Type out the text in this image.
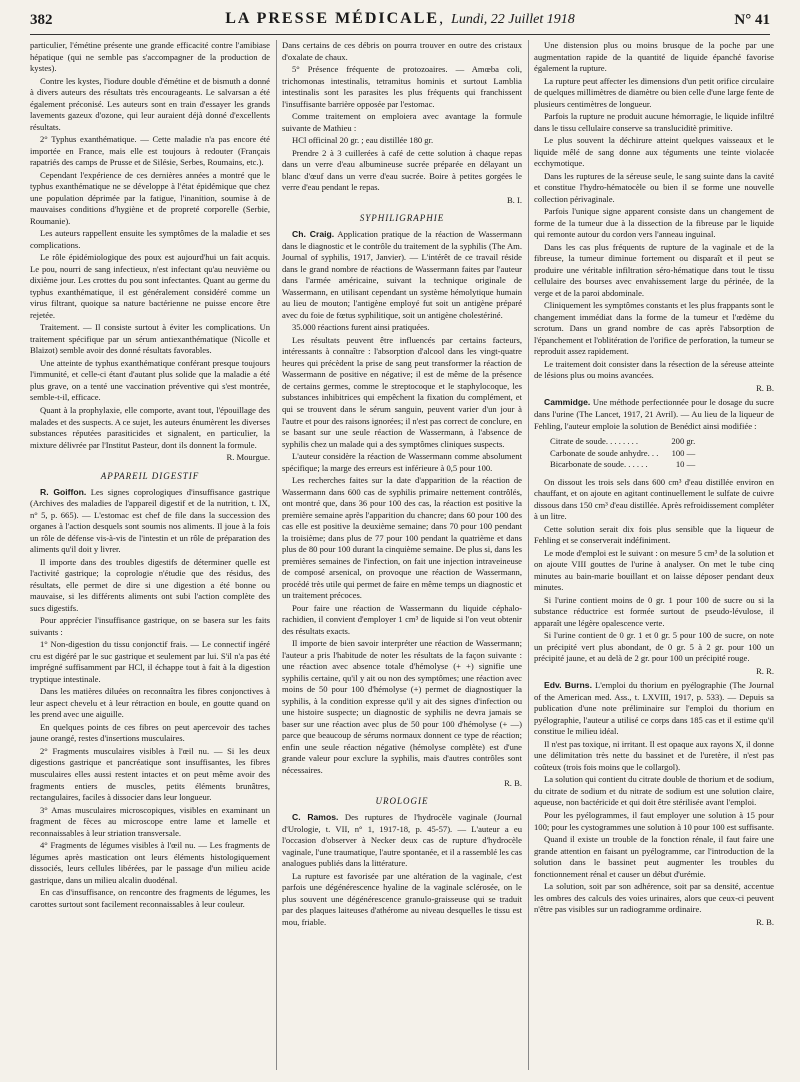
382	LA PRESSE MÉDICALE, Lundi, 22 Juillet 1918	N° 41

particulier, l'émétine présente une grande efficacité contre l'amibiase hépatique (qui ne semble pas s'accompagner de la production de kystes).

Contre les kystes, l'iodure double d'émétine et de bismuth a donné à divers auteurs des résultats très encourageants. Le salvarsan a été également préconisé. Les auteurs sont en train d'essayer les grands lavements gazeux d'ozone, qui leur auraient déjà donné d'excellents résultats.

2° Typhus exanthématique. — Cette maladie n'a pas encore été importée en France, mais elle est toujours à redouter (Français rapatriés des camps de Prusse et de Silésie, Serbes, Roumains, etc.).

Cependant l'expérience de ces dernières années a montré que le typhus exanthématique ne se développe à l'état épidémique que chez une population déprimée par la fatigue, l'inanition, soumise à de mauvaises conditions d'hygiène et de propreté corporelle (Serbie, Roumanie).

Les auteurs rappellent ensuite les symptômes de la maladie et ses complications.

Le rôle épidémiologique des poux est aujourd'hui un fait acquis. Le pou, nourri de sang infectieux, n'est infectant qu'au neuvième ou dixième jour. Les crottes du pou sont infectantes. Quant au germe du typhus exanthématique, il est généralement considéré comme un virus filtrant, quoique sa nature bactérienne ne puisse encore être rejetée.

Traitement. — Il consiste surtout à éviter les complications. Un traitement spécifique par un sérum antiexanthématique (Nicolle et Blaizot) semble avoir des donné résultats favorables.

Une atteinte de typhus exanthématique conférant presque toujours l'immunité, et celle-ci étant d'autant plus solide que la maladie a été plus grave, on a tenté une vaccination préventive qui s'est montrée, semble-t-il, efficace.

Quant à la prophylaxie, elle comporte, avant tout, l'épouillage des malades et des suspects. A ce sujet, les auteurs énumèrent les diverses substances réputées parasiticides et signalent, en particulier, la mixture délivrée par l'Institut Pasteur, dont ils donnent la formule.

R. Mourgue.

APPAREIL DIGESTIF

R. Goiffon. Les signes coprologiques d'insuffisance gastrique (Archives des maladies de l'appareil digestif et de la nutrition, t. IX, n° 5, p. 665). — L'estomac est chef de file dans la succession des organes à l'action desquels sont soumis nos aliments. Il joue à la fois un rôle de défense vis-à-vis de l'intestin et un rôle de préparation des aliments qu'il doit y livrer.

Il importe dans des troubles digestifs de déterminer quelle est l'activité gastrique; la coprologie n'étudie que des résidus, des résultats, elle permet de dire si une digestion a été bonne ou mauvaise, si les différents aliments ont subi l'action complète des sucs digestifs.

Pour apprécier l'insuffisance gastrique, on se basera sur les faits suivants :

1° Non-digestion du tissu conjonctif frais. — Le connectif ingéré cru est digéré par le suc gastrique et seulement par lui. S'il n'a pas été imprégné suffisamment par HCl, il échappe tout à fait à la digestion tryptique intestinale.

Dans les matières diluées on reconnaîtra les fibres conjonctives à leur aspect chevelu et à leur rétraction en boule, en goutte quand on les prend avec une aiguille.

En quelques points de ces fibres on peut apercevoir des taches jaune orangé, restes d'insertions musculaires.

2° Fragments musculaires visibles à l'œil nu. — Si les deux digestions gastrique et pancréatique sont insuffisantes, les fibres musculaires elles aussi restent intactes et on peut même avoir des fragments entiers de muscles, petits éléments brunâtres, rectangulaires, faciles à dissocier dans leur longueur.

3° Amas musculaires microscopiques, visibles en examinant un fragment de fèces au microscope entre lame et lamelle et reconnaissables à leur striation transversale.

4° Fragments de légumes visibles à l'œil nu. — Les fragments de légumes après mastication ont leurs éléments histologiquement dissociés, leurs cellules libérées, par le passage d'un milieu acide gastrique, dans un milieu alcalin duodénal.

En cas d'insuffisance, on rencontre des fragments de légumes, les carottes surtout sont facilement reconnaissables à leur couleur.

Dans certains de ces débris on pourra trouver en outre des cristaux d'oxalate de chaux.

5° Présence fréquente de protozoaires. — Amœba coli, trichomonas intestinalis, tetramitus hominis et surtout Lamblia intestinalis sont les parasites les plus fréquents qui franchissent l'insuffisante barrière opposée par l'estomac.

Comme traitement on emploiera avec avantage la formule suivante de Mathieu :

HCl officinal 20 gr. ; eau distillée 180 gr.

Prendre 2 à 3 cuillerées à café de cette solution à chaque repas dans un verre d'eau albumineuse sucrée préparée en délayant un blanc d'œuf dans un verre d'eau sucrée. Boire à petites gorgées le verre d'eau pendant le repas.

B. I.

SYPHILIGRAPHIE

Ch. Craig. Application pratique de la réaction de Wassermann dans le diagnostic et le contrôle du traitement de la syphilis (The Am. Journal of syphilis, 1917, Janvier). — L'intérêt de ce travail réside dans le grand nombre de réactions de Wassermann faites par l'auteur dans l'armée américaine, suivant la technique originale de Wassermann, en utilisant cependant un système hémolytique humain au lieu de mouton; l'antigène employé fut soit un antigène préparé avec du foie de fœtus syphilitique, soit un antigène cholestériné.

35.000 réactions furent ainsi pratiquées.

Les résultats peuvent être influencés par certains facteurs, intéressants à connaître : l'absorption d'alcool dans les vingt-quatre heures qui précèdent la prise de sang peut transformer la réaction de Wassermann de positive en négative; il est de même de la présence de certains germes, comme le streptocoque et le staphylocoque, les substances inhibitrices qui empêchent la fixation du complément, et qui se trouvent dans le sérum sanguin, peuvent varier d'un jour à l'autre et pour des raisons ignorées; il n'est pas correct de conclure, en se basant sur une seule réaction de Wassermann, à l'absence de syphilis chez un malade qui a des symptômes cliniques suspects.

L'auteur considère la réaction de Wassermann comme absolument spécifique; la marge des erreurs est inférieure à 0,5 pour 100.

Les recherches faites sur la date d'apparition de la réaction de Wassermann dans 600 cas de syphilis primaire nettement contrôlés, ont montré que, dans 36 pour 100 des cas, la réaction est positive la première semaine après l'apparition du chancre; dans 60 pour 100 des cas elle est positive la deuxième semaine; dans 70 pour 100 pendant la troisième; dans plus de 77 pour 100 pendant la quatrième et dans plus de 80 pour 100 durant la cinquième semaine. De plus si, dans les premières semaines de l'infection, on fait une injection intraveineuse de composé arsenical, on provoque une réaction de Wassermann, procédé très utile qui permet de faire en même temps un diagnostic et un traitement précoces.

Pour faire une réaction de Wassermann du liquide céphalo-rachidien, il convient d'employer 1 cm³ de liquide si l'on veut obtenir des résultats exacts.

Il importe de bien savoir interpréter une réaction de Wassermann; l'auteur a pris l'habitude de noter les résultats de la façon suivante : une réaction avec absence totale d'hémolyse (+ +) signifie une syphilis certaine, qu'il y ait ou non des symptômes; une réaction avec moins de 50 pour 100 d'hémolyse (+) permet de diagnostiquer la syphilis, à la condition expresse qu'il y ait des signes d'infection ou une histoire suspecte; un diagnostic de syphilis ne devra jamais se baser sur une réaction avec plus de 50 pour 100 d'hémolyse (+ —) parce que beaucoup de sérums normaux donnent ce type de réaction; enfin une seule réaction négative (hémolyse complète) est d'une grande valeur pour exclure la syphilis, mais d'autres contrôles sont nécessaires.

R. B.

UROLOGIE

C. Ramos. Des ruptures de l'hydrocèle vaginale (Journal d'Urologie, t. VII, n° 1, 1917-18, p. 45-57). — L'auteur a eu l'occasion d'observer à Necker deux cas de rupture d'hydrocèle vaginale, l'une traumatique, l'autre spontanée, et il a rassemblé les cas analogues publiés dans la littérature.

La rupture est favorisée par une altération de la vaginale, c'est parfois une dégénérescence hyaline de la vaginale sclérosée, on le plus souvent une dégénérescence granulo-graisseuse qui se traduit par des plaques laiteuses d'athérome au niveau desquelles le tissu est mou, friable.

Une distension plus ou moins brusque de la poche par une augmentation rapide de la quantité de liquide épanché favorise également la rupture.

La rupture peut affecter les dimensions d'un petit orifice circulaire de quelques millimètres de diamètre ou bien celle d'une large fente de plusieurs centimètres de longueur.

Parfois la rupture ne produit aucune hémorragie, le liquide infiltré dans le tissu cellulaire conserve sa transluciditè primitive.

Le plus souvent la déchirure atteint quelques vaisseaux et le liquide mêlé de sang donne aux téguments une teinte violacée ecchymotique.

Dans les ruptures de la séreuse seule, le sang suinte dans la cavité et constitue l'hydro-hématocèle ou bien il se forme une nouvelle collection périvaginale.

Parfois l'unique signe apparent consiste dans un changement de forme de la tumeur due à la dissection de la fibreuse par le liquide qui remonte autour du cordon vers l'anneau inguinal.

Dans les cas plus fréquents de rupture de la vaginale et de la fibreuse, la tumeur diminue fortement ou disparaît et il peut se produire une véritable infiltration séro-hématique dans tout le tissu cellulaire des bourses avec envahissement large du périnée, de la verge et de la paroi abdominale.

Cliniquement les symptômes constants et les plus frappants sont le changement immédiat dans la forme de la tumeur et l'œdème du scrotum. Dans un grand nombre de cas après l'absorption de l'épanchement et l'oblitération de l'orifice de perforation, la tumeur se reproduit assez rapidement.

Le traitement doit consister dans la résection de la séreuse atteinte de lésions plus ou moins avancées.

R. B.

Cammidge. Une méthode perfectionnée pour le dosage du sucre dans l'urine (The Lancet, 1917, 21 Avril). — Au lieu de la liqueur de Fehling, l'auteur emploie la solution de Benédict ainsi modifiée :

Citrate de soude. . . . . . . .	200 gr.
Carbonate de soude anhydre. . .	100 —
Bicarbonate de soude. . . . . .	10 —

On dissout les trois sels dans 600 cm³ d'eau distillée environ en chauffant, et on ajoute en agitant continuellement le sulfate de cuivre dissous dans 150 cm³ d'eau distillée. Après refroidissement compléter à un litre.

Cette solution serait dix fois plus sensible que la liqueur de Fehling et se conserverait indéfiniment.

Le mode d'emploi est le suivant : on mesure 5 cm³ de la solution et on ajoute VIII gouttes de l'urine à analyser. On met le tube cinq minutes au bain-marie bouillant et on laisse déposer pendant deux minutes.

Si l'urine contient moins de 0 gr. 1 pour 100 de sucre ou si la substance réductrice est formée surtout de pseudo-lévulose, il apparaît une légère opalescence verte.

Si l'urine contient de 0 gr. 1 et 0 gr. 5 pour 100 de sucre, on note un précipité vert plus abondant, de 0 gr. 5 à 2 gr. pour 100 un précipité jaune, et au delà de 2 gr. pour 100 un précipité rouge.

R. R.

Edv. Burns. L'emploi du thorium en pyélographie (The Journal of the American med. Ass., t. LXVIII, 1917, p. 533). — Depuis sa publication d'une note préliminaire sur l'emploi du thorium en pyélographie, l'auteur a utilisé ce corps dans 185 cas et il estime qu'il constitue le milieu idéal.

Il n'est pas toxique, ni irritant. Il est opaque aux rayons X, il donne une délimitation très nette du bassinet et de l'uretère, il n'est pas coûteux (trois fois moins que le collargol).

La solution qui contient du citrate double de thorium et de sodium, du citrate de sodium et du nitrate de sodium est une solution claire, aqueuse, non bactéricide et qui doit être stérilisée avant l'emploi.

Pour les pyélogrammes, il faut employer une solution à 15 pour 100; pour les cystogrammes une solution à 10 pour 100 est suffisante.

Quand il existe un trouble de la fonction rénale, il faut faire une grande attention en faisant un pyélogramme, car l'introduction de la solution dans le bassinet peut augmenter les troubles du fonctionnement rénal et causer un début d'urémie.

La solution, soit par son adhérence, soit par sa densité, accentue les ombres des calculs des voies urinaires, alors que ceux-ci peuvent n'être pas visibles sur un radiogramme ordinaire.

R. B.
